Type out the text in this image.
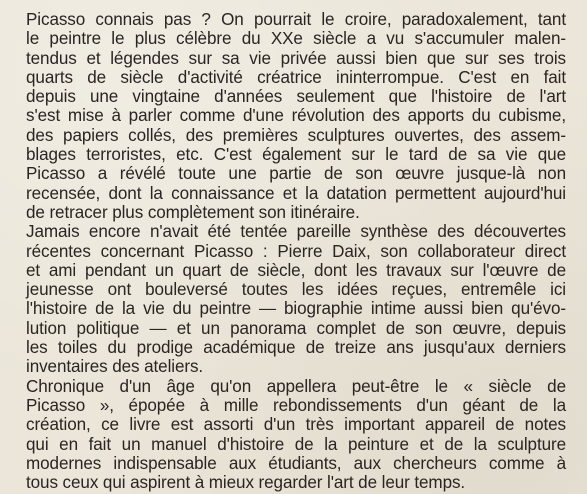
Picasso connais pas ? On pourrait le croire, paradoxalement, tant
le peintre le plus célèbre du XXe siècle a vu s'accumuler malen-
tendus et légendes sur sa vie privée aussi bien que sur ses trois
quarts de siècle d'activité créatrice ininterrompue. C'est en fait
depuis une vingtaine d'années seulement que l'histoire de l'art
s'est mise à parler comme d'une révolution des apports du cubisme,
des papiers collés, des premières sculptures ouvertes, des assem-
blages terroristes, etc. C'est également sur le tard de sa vie que
Picasso a révélé toute une partie de son œuvre jusque-là non
recensée, dont la connaissance et la datation permettent aujourd'hui
de retracer plus complètement son itinéraire.
Jamais encore n'avait été tentée pareille synthèse des découvertes
récentes concernant Picasso : Pierre Daix, son collaborateur direct
et ami pendant un quart de siècle, dont les travaux sur l'œuvre de
jeunesse ont bouleversé toutes les idées reçues, entremêle ici
l'histoire de la vie du peintre — biographie intime aussi bien qu'évo-
lution politique — et un panorama complet de son œuvre, depuis
les toiles du prodige académique de treize ans jusqu'aux derniers
inventaires des ateliers.
Chronique d'un âge qu'on appellera peut-être le « siècle de
Picasso », épopée à mille rebondissements d'un géant de la
création, ce livre est assorti d'un très important appareil de notes
qui en fait un manuel d'histoire de la peinture et de la sculpture
modernes indispensable aux étudiants, aux chercheurs comme à
tous ceux qui aspirent à mieux regarder l'art de leur temps.
